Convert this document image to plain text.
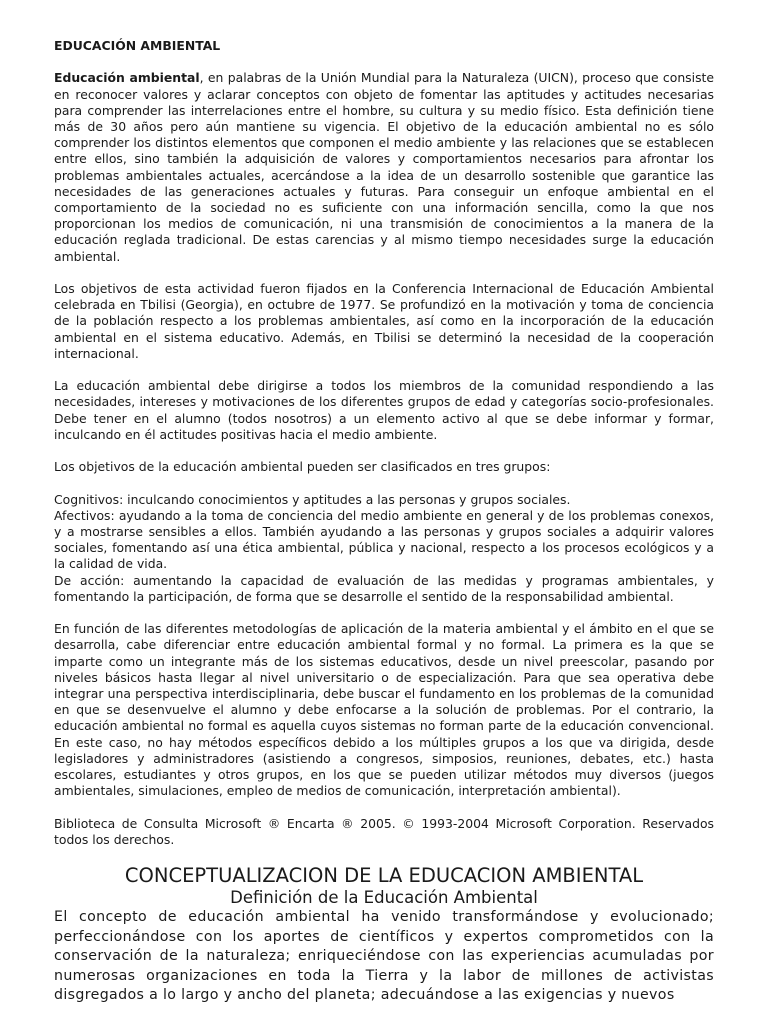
EDUCACIÓN AMBIENTAL

Educación ambiental, en palabras de la Unión Mundial para la Naturaleza (UICN), proceso que consiste en reconocer valores y aclarar conceptos con objeto de fomentar las aptitudes y actitudes necesarias para comprender las interrelaciones entre el hombre, su cultura y su medio físico. Esta definición tiene más de 30 años pero aún mantiene su vigencia. El objetivo de la educación ambiental no es sólo comprender los distintos elementos que componen el medio ambiente y las relaciones que se establecen entre ellos, sino también la adquisición de valores y comportamientos necesarios para afrontar los problemas ambientales actuales, acercándose a la idea de un desarrollo sostenible que garantice las necesidades de las generaciones actuales y futuras. Para conseguir un enfoque ambiental en el comportamiento de la sociedad no es suficiente con una información sencilla, como la que nos proporcionan los medios de comunicación, ni una transmisión de conocimientos a la manera de la educación reglada tradicional. De estas carencias y al mismo tiempo necesidades surge la educación ambiental.

Los objetivos de esta actividad fueron fijados en la Conferencia Internacional de Educación Ambiental celebrada en Tbilisi (Georgia), en octubre de 1977. Se profundizó en la motivación y toma de conciencia de la población respecto a los problemas ambientales, así como en la incorporación de la educación ambiental en el sistema educativo. Además, en Tbilisi se determinó la necesidad de la cooperación internacional.

La educación ambiental debe dirigirse a todos los miembros de la comunidad respondiendo a las necesidades, intereses y motivaciones de los diferentes grupos de edad y categorías socio-profesionales. Debe tener en el alumno (todos nosotros) a un elemento activo al que se debe informar y formar, inculcando en él actitudes positivas hacia el medio ambiente.

Los objetivos de la educación ambiental pueden ser clasificados en tres grupos:

Cognitivos: inculcando conocimientos y aptitudes a las personas y grupos sociales.

Afectivos: ayudando a la toma de conciencia del medio ambiente en general y de los problemas conexos, y a mostrarse sensibles a ellos. También ayudando a las personas y grupos sociales a adquirir valores sociales, fomentando así una ética ambiental, pública y nacional, respecto a los procesos ecológicos y a la calidad de vida.

De acción: aumentando la capacidad de evaluación de las medidas y programas ambientales, y fomentando la participación, de forma que se desarrolle el sentido de la responsabilidad ambiental.

En función de las diferentes metodologías de aplicación de la materia ambiental y el ámbito en el que se desarrolla, cabe diferenciar entre educación ambiental formal y no formal. La primera es la que se imparte como un integrante más de los sistemas educativos, desde un nivel preescolar, pasando por niveles básicos hasta llegar al nivel universitario o de especialización. Para que sea operativa debe integrar una perspectiva interdisciplinaria, debe buscar el fundamento en los problemas de la comunidad en que se desenvuelve el alumno y debe enfocarse a la solución de problemas. Por el contrario, la educación ambiental no formal es aquella cuyos sistemas no forman parte de la educación convencional. En este caso, no hay métodos específicos debido a los múltiples grupos a los que va dirigida, desde legisladores y administradores (asistiendo a congresos, simposios, reuniones, debates, etc.) hasta escolares, estudiantes y otros grupos, en los que se pueden utilizar métodos muy diversos (juegos ambientales, simulaciones, empleo de medios de comunicación, interpretación ambiental).

Biblioteca de Consulta Microsoft ® Encarta ® 2005. © 1993-2004 Microsoft Corporation. Reservados todos los derechos.

CONCEPTUALIZACION DE LA EDUCACION AMBIENTAL
Definición de la Educación Ambiental

El concepto de educación ambiental ha venido transformándose y evolucionado; perfeccionándose con los aportes de científicos y expertos comprometidos con la conservación de la naturaleza; enriqueciéndose con las experiencias acumuladas por numerosas organizaciones en toda la Tierra y la labor de millones de activistas disgregados a lo largo y ancho del planeta; adecuándose a las exigencias y nuevos
